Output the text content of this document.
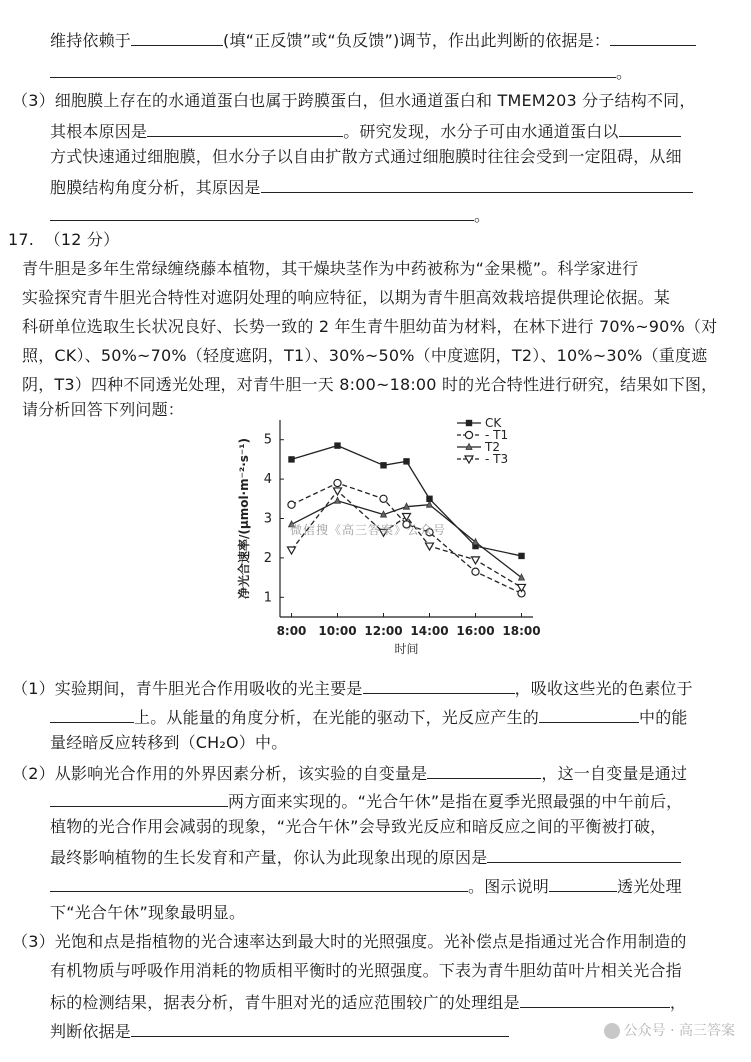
维持依赖于	(填“正反馈”或“负反馈”)调节，作出此判断的依据是：
。
（3）细胞膜上存在的水通道蛋白也属于跨膜蛋白，但水通道蛋白和 TMEM203 分子结构不同，
其根本原因是	。研究发现，水分子可由水通道蛋白以
方式快速通过细胞膜，但水分子以自由扩散方式通过细胞膜时往往会受到一定阻碍，从细
胞膜结构角度分析，其原因是
。
17. （12 分）
青牛胆是多年生常绿缠绕藤本植物，其干燥块茎作为中药被称为“金果榄”。科学家进行
实验探究青牛胆光合特性对遮阴处理的响应特征，以期为青牛胆高效栽培提供理论依据。某
科研单位选取生长状况良好、长势一致的 2 年生青牛胆幼苗为材料，在林下进行 70%~90%（对
照，CK）、50%~70%（轻度遮阴，T1）、30%~50%（中度遮阴，T2）、10%~30%（重度遮
阴，T3）四种不同透光处理，对青牛胆一天 8:00~18:00 时的光合特性进行研究，结果如下图，
请分析回答下列问题：
1
2
3
4
5
8:00 10:00 12:00 14:00 16:00 18:00
时间
净光合速率/(μmol·m⁻²·s⁻¹)
CK
- T1
T2
- T3
微信搜《高三答案》公众号
（1）实验期间，青牛胆光合作用吸收的光主要是	，吸收这些光的色素位于
上。从能量的角度分析，在光能的驱动下，光反应产生的	中的能
量经暗反应转移到（CH₂O）中。
（2）从影响光合作用的外界因素分析，该实验的自变量是	，这一自变量是通过
两方面来实现的。“光合午休”是指在夏季光照最强的中午前后，
植物的光合作用会减弱的现象，“光合午休”会导致光反应和暗反应之间的平衡被打破，
最终影响植物的生长发育和产量，你认为此现象出现的原因是
。图示说明	透光处理
下“光合午休”现象最明显。
（3）光饱和点是指植物的光合速率达到最大时的光照强度。光补偿点是指通过光合作用制造的
有机物质与呼吸作用消耗的物质相平衡时的光照强度。下表为青牛胆幼苗叶片相关光合指
标的检测结果，据表分析，青牛胆对光的适应范围较广的处理组是	，
判断依据是	公众号 · 高三答案
